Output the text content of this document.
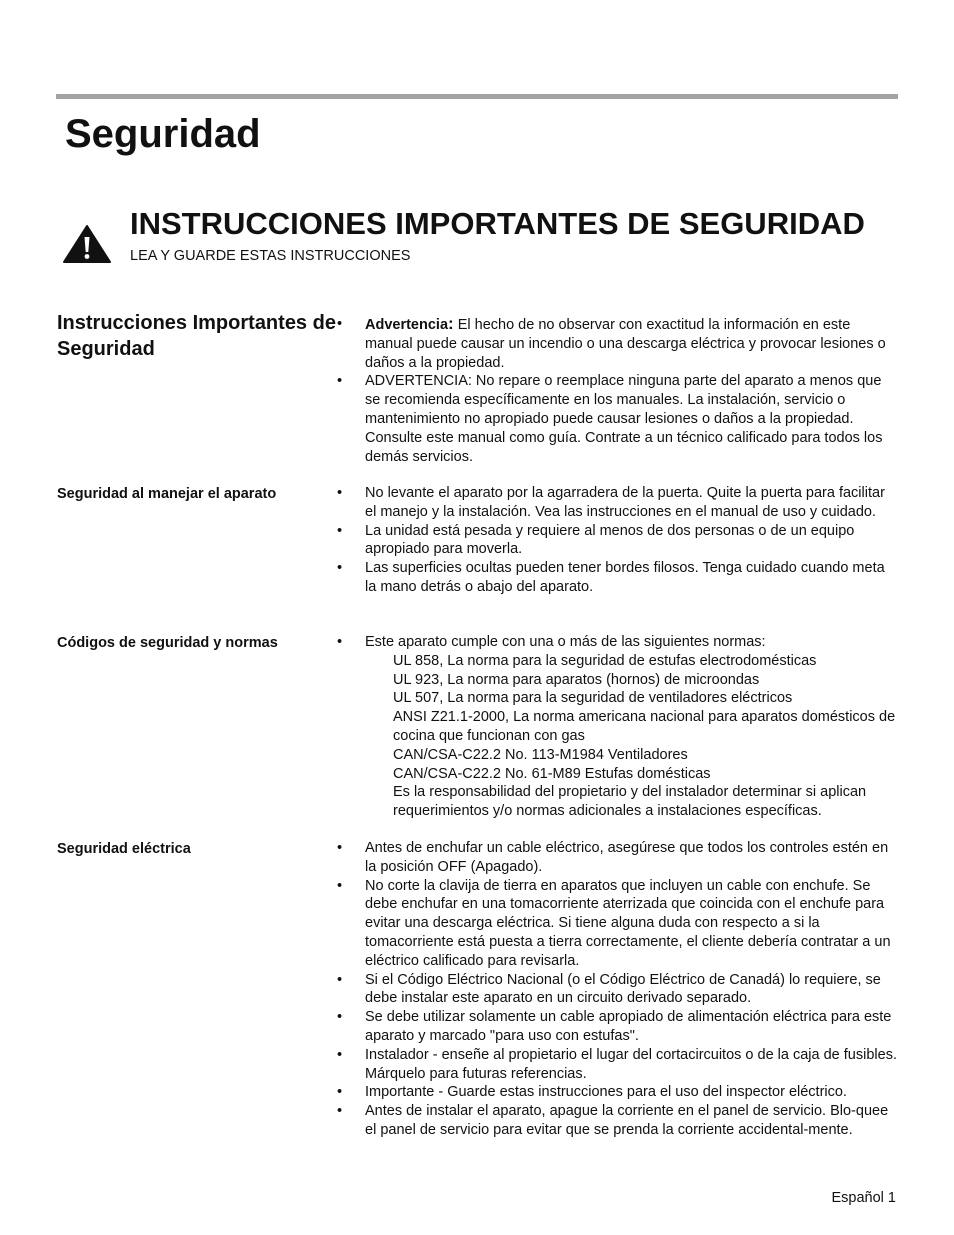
Seguridad
INSTRUCCIONES IMPORTANTES DE SEGURIDAD
LEA Y GUARDE ESTAS INSTRUCCIONES
Instrucciones Importantes de Seguridad
• Advertencia: El hecho de no observar con exactitud la información en este manual puede causar un incendio o una descarga eléctrica y provocar lesiones o daños a la propiedad.
• ADVERTENCIA: No repare o reemplace ninguna parte del aparato a menos que se recomienda específicamente en los manuales. La instalación, servicio o mantenimiento no apropiado puede causar lesiones o daños a la propiedad. Consulte este manual como guía. Contrate a un técnico calificado para todos los demás servicios.
Seguridad al manejar el aparato	• No levante el aparato por la agarradera de la puerta. Quite la puerta para facilitar el manejo y la instalación. Vea las instrucciones en el manual de uso y cuidado.
• La unidad está pesada y requiere al menos de dos personas o de un equipo apropiado para moverla.
• Las superficies ocultas pueden tener bordes filosos. Tenga cuidado cuando meta la mano detrás o abajo del aparato.
Códigos de seguridad y normas	• Este aparato cumple con una o más de las siguientes normas:
UL 858, La norma para la seguridad de estufas electrodomésticas
UL 923, La norma para aparatos (hornos) de microondas
UL 507, La norma para la seguridad de ventiladores eléctricos
ANSI Z21.1-2000, La norma americana nacional para aparatos domésticos de cocina que funcionan con gas
CAN/CSA-C22.2 No. 113-M1984 Ventiladores
CAN/CSA-C22.2 No. 61-M89 Estufas domésticas
Es la responsabilidad del propietario y del instalador determinar si aplican requerimientos y/o normas adicionales a instalaciones específicas.
Seguridad eléctrica	• Antes de enchufar un cable eléctrico, asegúrese que todos los controles estén en la posición OFF (Apagado).
• No corte la clavija de tierra en aparatos que incluyen un cable con enchufe. Se debe enchufar en una tomacorriente aterrizada que coincida con el enchufe para evitar una descarga eléctrica. Si tiene alguna duda con respecto a si la tomacorriente está puesta a tierra correctamente, el cliente debería contratar a un eléctrico calificado para revisarla.
• Si el Código Eléctrico Nacional (o el Código Eléctrico de Canadá) lo requiere, se debe instalar este aparato en un circuito derivado separado.
• Se debe utilizar solamente un cable apropiado de alimentación eléctrica para este aparato y marcado "para uso con estufas".
• Instalador - enseñe al propietario el lugar del cortacircuitos o de la caja de fusibles. Márquelo para futuras referencias.
• Importante - Guarde estas instrucciones para el uso del inspector eléctrico.
• Antes de instalar el aparato, apague la corriente en el panel de servicio. Blo-quee el panel de servicio para evitar que se prenda la corriente accidental-mente.
Español 1
